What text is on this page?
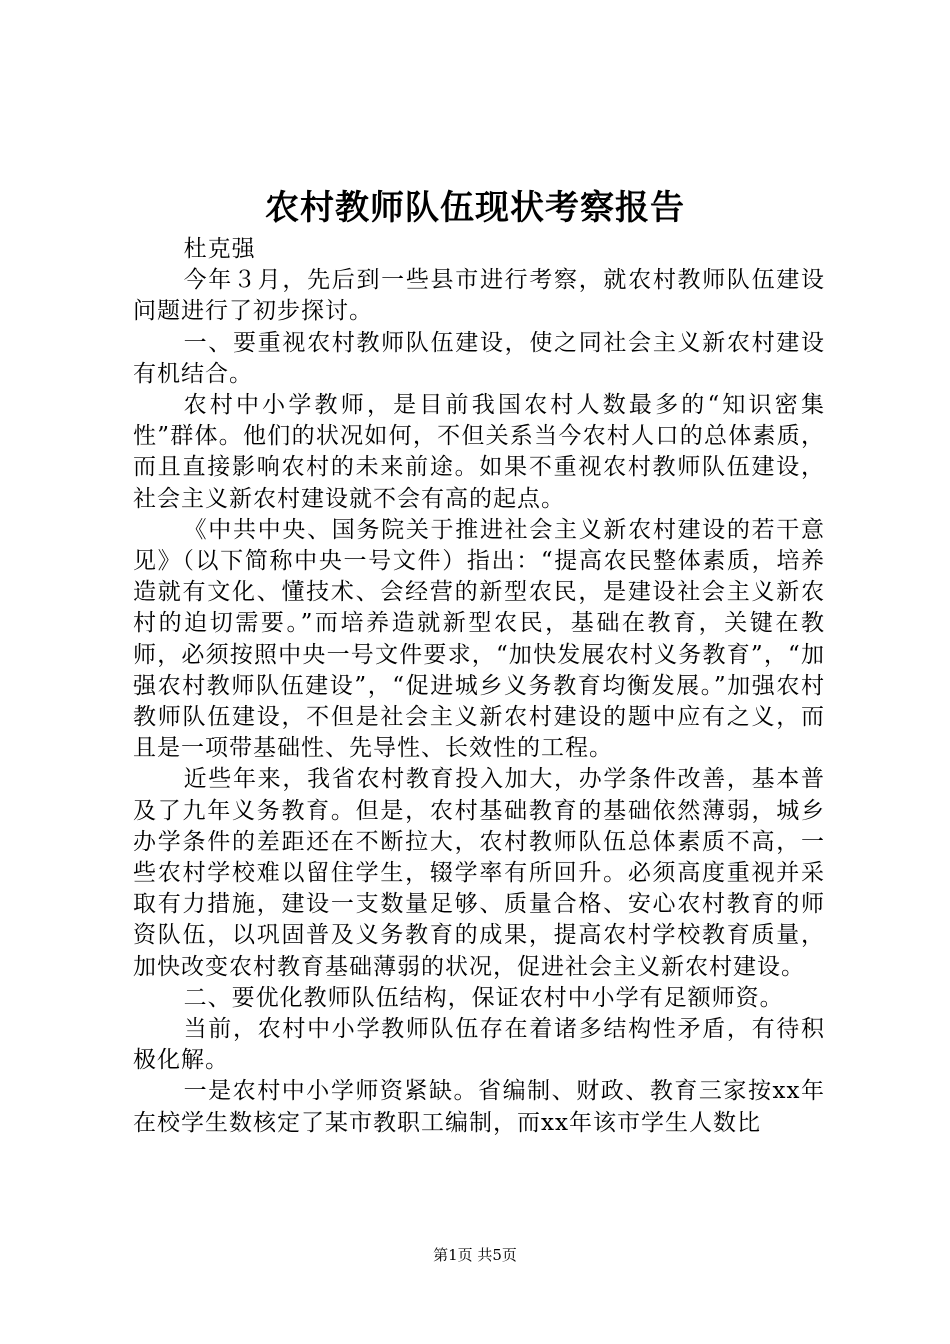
农村教师队伍现状考察报告

杜克强

今年３月，先后到一些县市进行考察，就农村教师队伍建设问题进行了初步探讨。

一、要重视农村教师队伍建设，使之同社会主义新农村建设有机结合。

农村中小学教师，是目前我国农村人数最多的“知识密集性”群体。他们的状况如何，不但关系当今农村人口的总体素质，而且直接影响农村的未来前途。如果不重视农村教师队伍建设，社会主义新农村建设就不会有高的起点。

《中共中央、国务院关于推进社会主义新农村建设的若干意见》（以下简称中央一号文件）指出：“提高农民整体素质，培养造就有文化、懂技术、会经营的新型农民，是建设社会主义新农村的迫切需要。”而培养造就新型农民，基础在教育，关键在教师，必须按照中央一号文件要求，“加快发展农村义务教育”，“加强农村教师队伍建设”，“促进城乡义务教育均衡发展。”加强农村教师队伍建设，不但是社会主义新农村建设的题中应有之义，而且是一项带基础性、先导性、长效性的工程。

近些年来，我省农村教育投入加大，办学条件改善，基本普及了九年义务教育。但是，农村基础教育的基础依然薄弱，城乡办学条件的差距还在不断拉大，农村教师队伍总体素质不高，一些农村学校难以留住学生，辍学率有所回升。必须高度重视并采取有力措施，建设一支数量足够、质量合格、安心农村教育的师资队伍，以巩固普及义务教育的成果，提高农村学校教育质量，加快改变农村教育基础薄弱的状况，促进社会主义新农村建设。

二、要优化教师队伍结构，保证农村中小学有足额师资。

当前，农村中小学教师队伍存在着诸多结构性矛盾，有待积极化解。

一是农村中小学师资紧缺。省编制、财政、教育三家按xx年在校学生数核定了某市教职工编制，而xx年该市学生人数比

第1页 共5页
